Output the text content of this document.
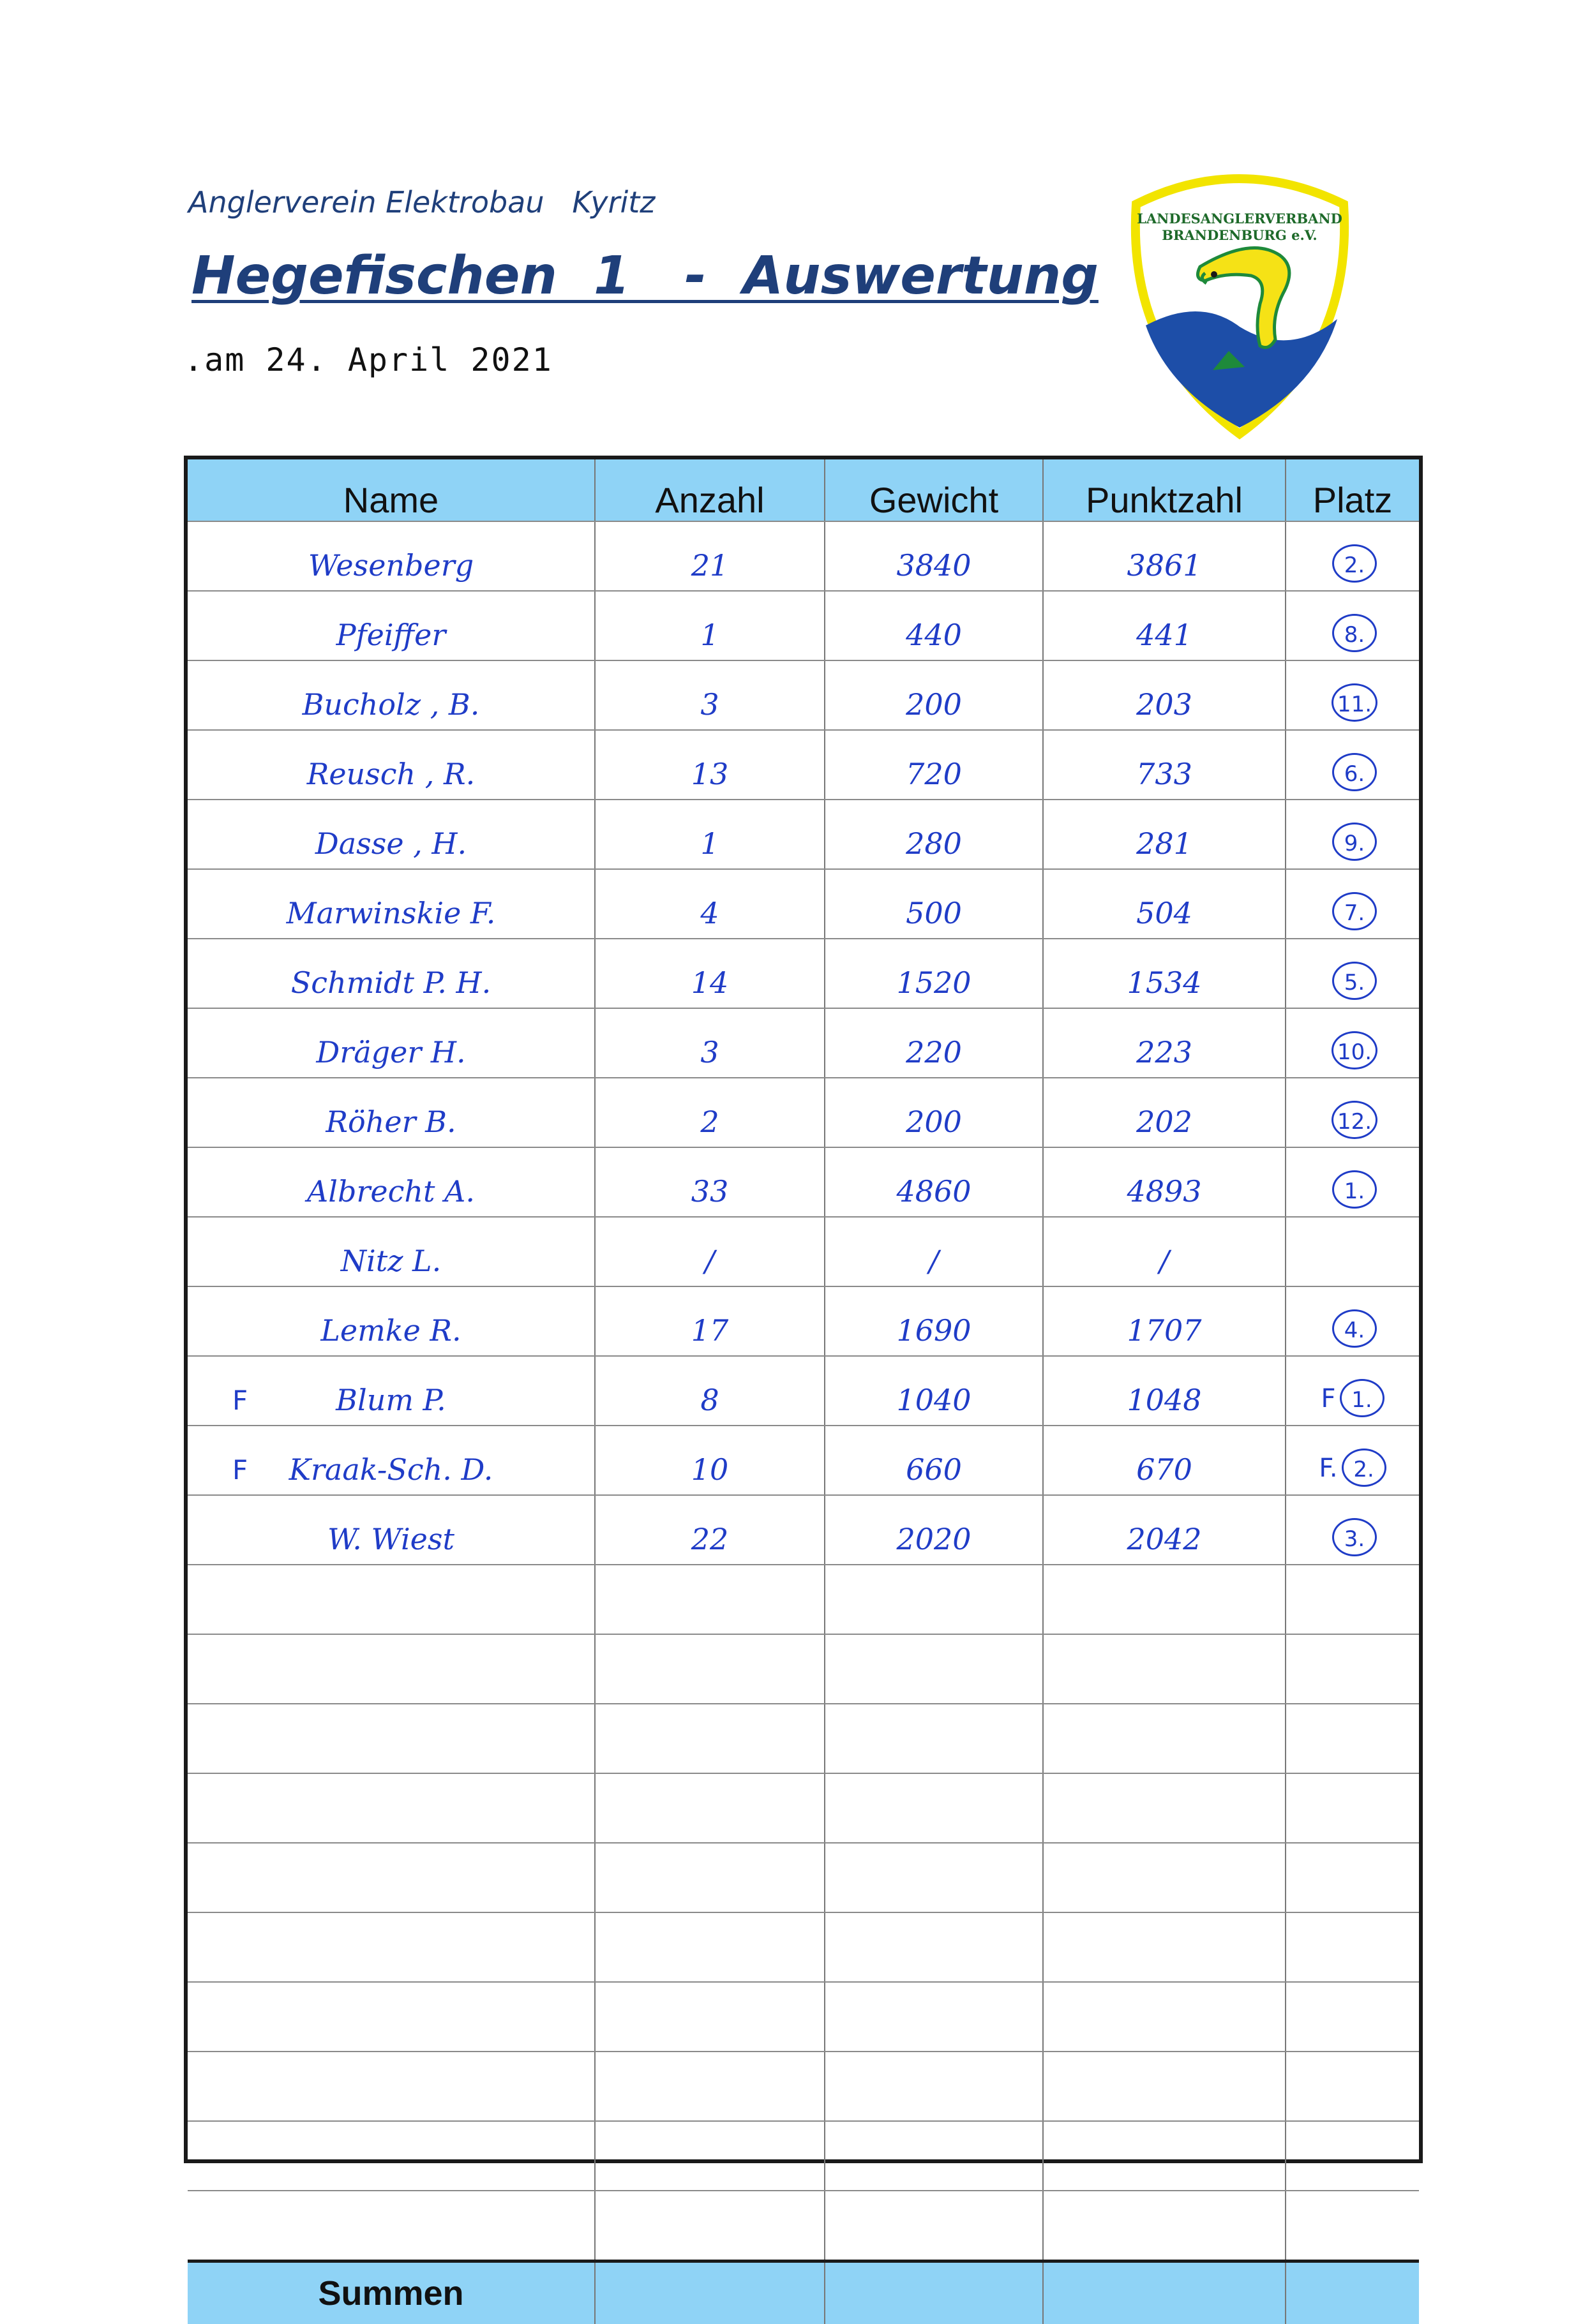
Anglerverein Elektrobau   Kyritz
Hegefischen  1   -  Auswertung
.am 24. April 2021
LANDESANGLERVERBAND
BRANDENBURG e.V.
Name	Anzahl	Gewicht	Punktzahl	Platz

Wesenberg	21	3840	3861	2.

Pfeiffer	1	440	441	8.

Bucholz , B.	3	200	203	11.

Reusch , R.	13	720	733	6.

Dasse , H.	1	280	281	9.

Marwinskie F.	4	500	504	7.

Schmidt P. H.	14	1520	1534	5.

Dräger H.	3	220	223	10.

Röher B.	2	200	202	12.

Albrecht A.	33	4860	4893	1.

Nitz L.	/	/	/	

Lemke R.	17	1690	1707	4.

F Blum P.	8	1040	1048	F 1.

F Kraak-Sch. D.	10	660	670	F. 2.

W. Wiest	22	2020	2042	3.

Summen				
